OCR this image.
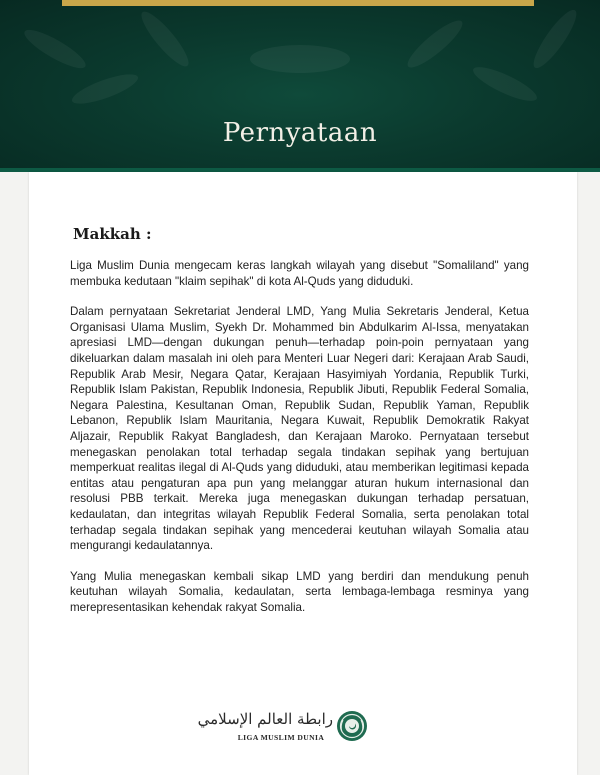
Pernyataan
Makkah :

Liga Muslim Dunia mengecam keras langkah wilayah yang disebut "Somaliland" yang membuka kedutaan "klaim sepihak" di kota Al-Quds yang diduduki.

Dalam pernyataan Sekretariat Jenderal LMD, Yang Mulia Sekretaris Jenderal, Ketua Organisasi Ulama Muslim, Syekh Dr. Mohammed bin Abdulkarim Al-Issa, menyatakan apresiasi LMD—dengan dukungan penuh—terhadap poin-poin pernyataan yang dikeluarkan dalam masalah ini oleh para Menteri Luar Negeri dari: Kerajaan Arab Saudi, Republik Arab Mesir, Negara Qatar, Kerajaan Hasyimiyah Yordania, Republik Turki, Republik Islam Pakistan, Republik Indonesia, Republik Jibuti, Republik Federal Somalia, Negara Palestina, Kesultanan Oman, Republik Sudan, Republik Yaman, Republik Lebanon, Republik Islam Mauritania, Negara Kuwait, Republik Demokratik Rakyat Aljazair, Republik Rakyat Bangladesh, dan Kerajaan Maroko. Pernyataan tersebut menegaskan penolakan total terhadap segala tindakan sepihak yang bertujuan memperkuat realitas ilegal di Al-Quds yang diduduki, atau memberikan legitimasi kepada entitas atau pengaturan apa pun yang melanggar aturan hukum internasional dan resolusi PBB terkait. Mereka juga menegaskan dukungan terhadap persatuan, kedaulatan, dan integritas wilayah Republik Federal Somalia, serta penolakan total terhadap segala tindakan sepihak yang mencederai keutuhan wilayah Somalia atau mengurangi kedaulatannya.

Yang Mulia menegaskan kembali sikap LMD yang berdiri dan mendukung penuh keutuhan wilayah Somalia, kedaulatan, serta lembaga-lembaga resminya yang merepresentasikan kehendak rakyat Somalia.

رابطة العالم الإسلامي
LIGA MUSLIM DUNIA
